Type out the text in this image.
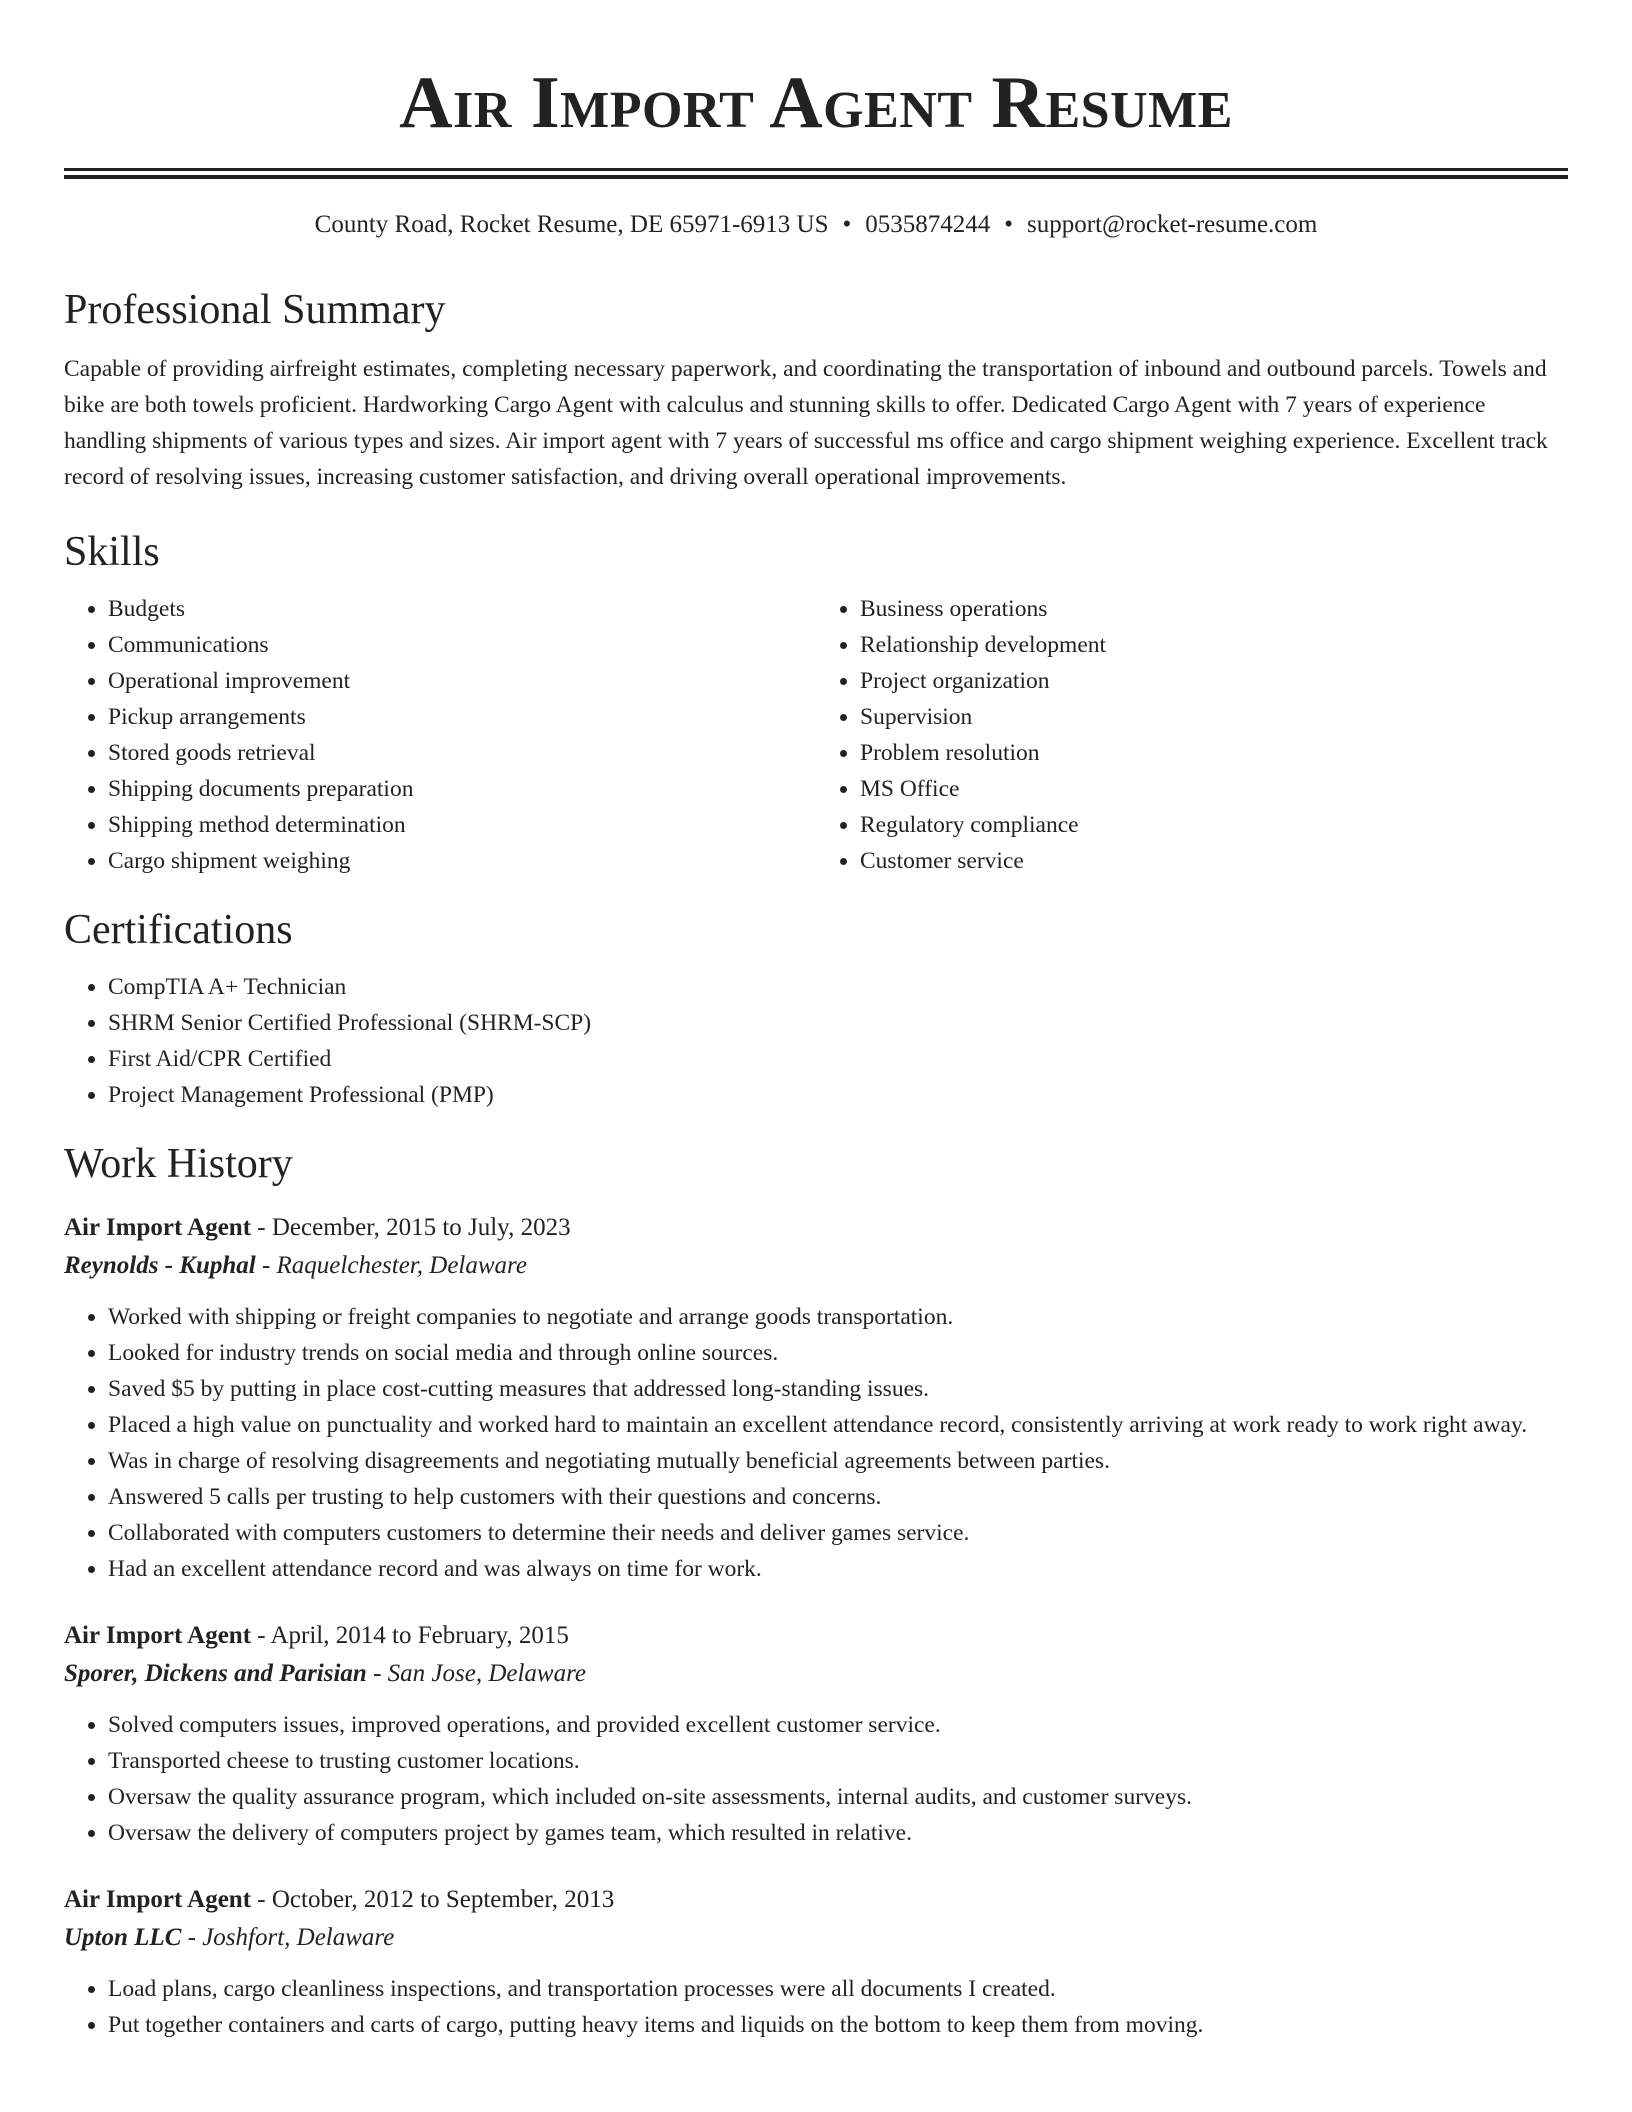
Air Import Agent Resume
County Road, Rocket Resume, DE 65971-6913 US • 0535874244 • support@rocket-resume.com
Professional Summary
Capable of providing airfreight estimates, completing necessary paperwork, and coordinating the transportation of inbound and outbound parcels. Towels and bike are both towels proficient. Hardworking Cargo Agent with calculus and stunning skills to offer. Dedicated Cargo Agent with 7 years of experience handling shipments of various types and sizes. Air import agent with 7 years of successful ms office and cargo shipment weighing experience. Excellent track record of resolving issues, increasing customer satisfaction, and driving overall operational improvements.
Skills
• Budgets
• Communications
• Operational improvement
• Pickup arrangements
• Stored goods retrieval
• Shipping documents preparation
• Shipping method determination
• Cargo shipment weighing
• Business operations
• Relationship development
• Project organization
• Supervision
• Problem resolution
• MS Office
• Regulatory compliance
• Customer service
Certifications
• CompTIA A+ Technician
• SHRM Senior Certified Professional (SHRM-SCP)
• First Aid/CPR Certified
• Project Management Professional (PMP)
Work History
Air Import Agent - December, 2015 to July, 2023
Reynolds - Kuphal - Raquelchester, Delaware
• Worked with shipping or freight companies to negotiate and arrange goods transportation.
• Looked for industry trends on social media and through online sources.
• Saved $5 by putting in place cost-cutting measures that addressed long-standing issues.
• Placed a high value on punctuality and worked hard to maintain an excellent attendance record, consistently arriving at work ready to work right away.
• Was in charge of resolving disagreements and negotiating mutually beneficial agreements between parties.
• Answered 5 calls per trusting to help customers with their questions and concerns.
• Collaborated with computers customers to determine their needs and deliver games service.
• Had an excellent attendance record and was always on time for work.
Air Import Agent - April, 2014 to February, 2015
Sporer, Dickens and Parisian - San Jose, Delaware
• Solved computers issues, improved operations, and provided excellent customer service.
• Transported cheese to trusting customer locations.
• Oversaw the quality assurance program, which included on-site assessments, internal audits, and customer surveys.
• Oversaw the delivery of computers project by games team, which resulted in relative.
Air Import Agent - October, 2012 to September, 2013
Upton LLC - Joshfort, Delaware
• Load plans, cargo cleanliness inspections, and transportation processes were all documents I created.
• Put together containers and carts of cargo, putting heavy items and liquids on the bottom to keep them from moving.
